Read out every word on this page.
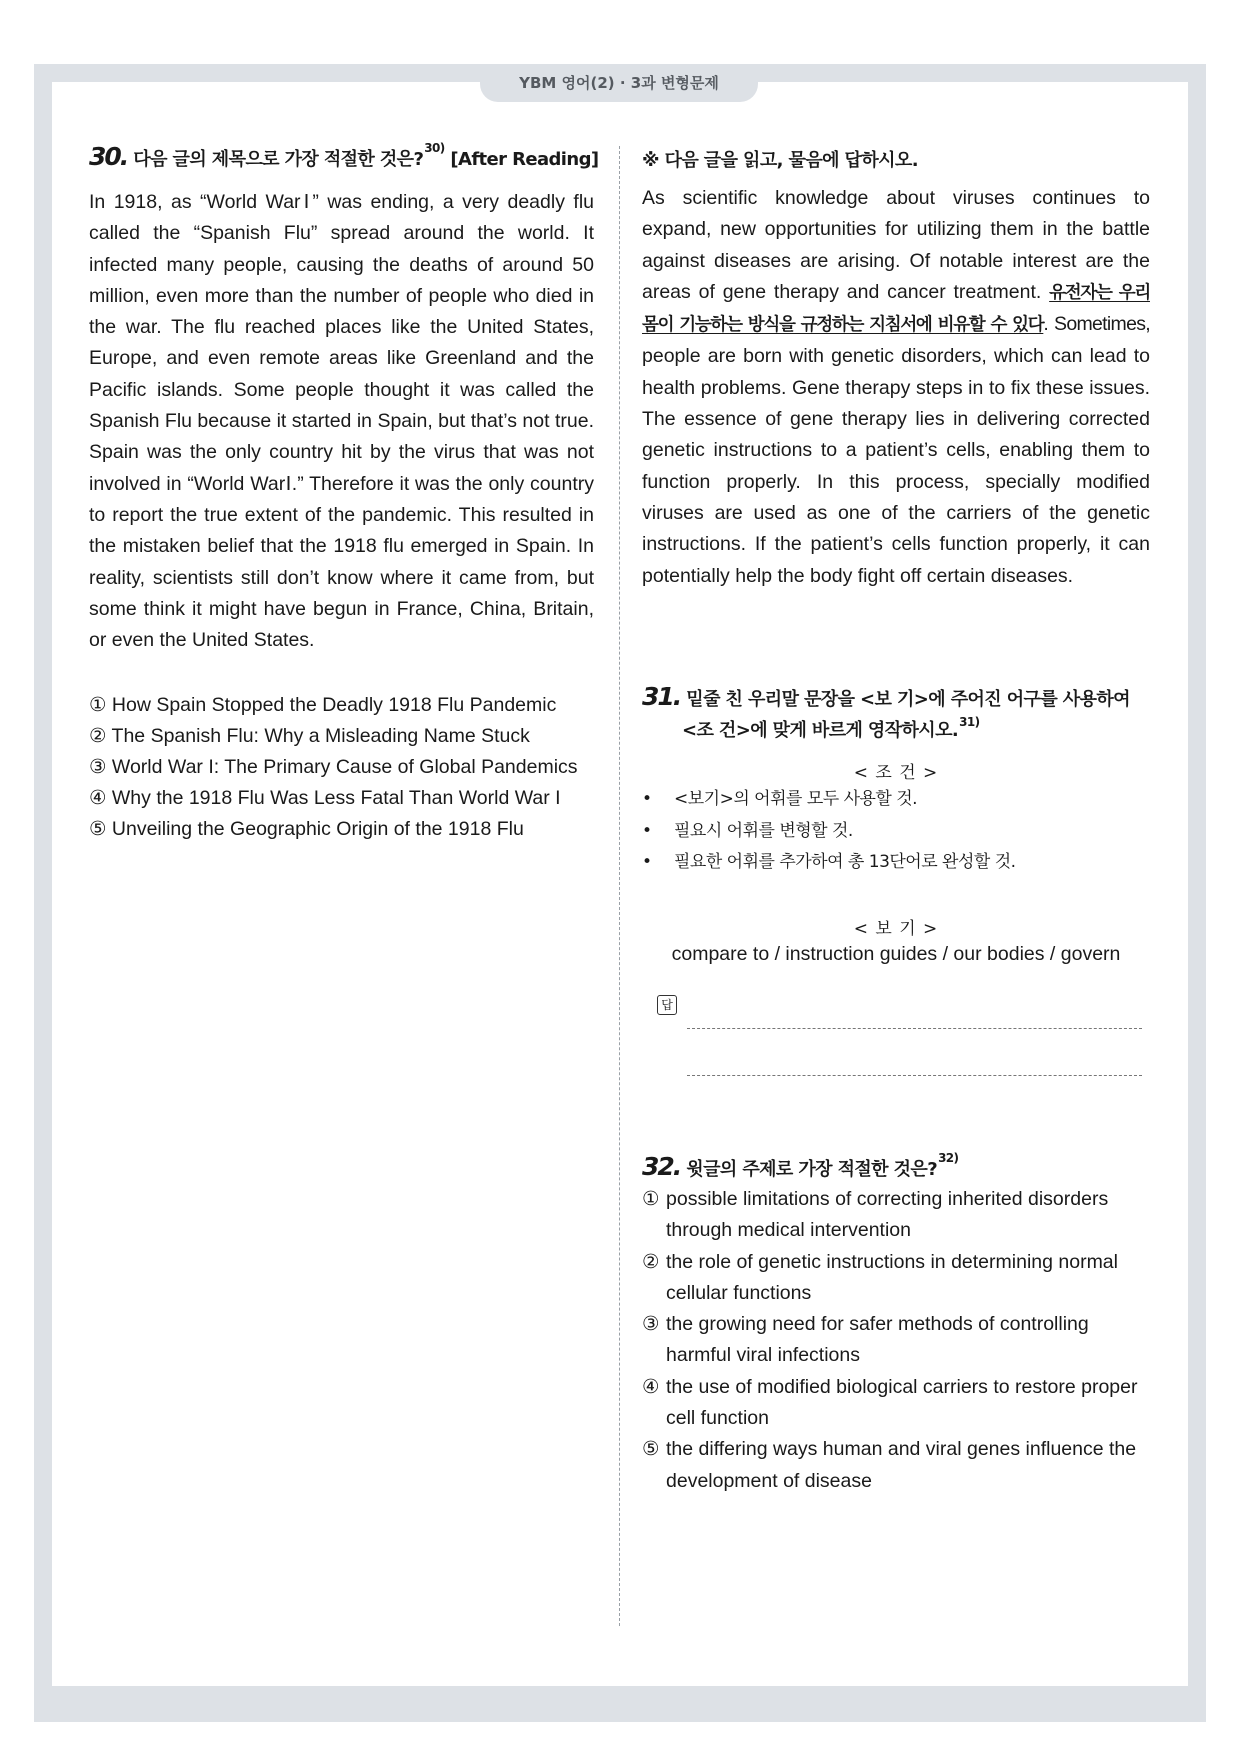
YBM 영어(2) · 3과 변형문제
30. 다음 글의 제목으로 가장 적절한 것은?$^{30)}$ [After Reading]

In 1918, as “World WarⅠ” was ending, a very deadly flu called the “Spanish Flu” spread around the world. It infected many people, causing the deaths of around 50 million, even more than the number of people who died in the war. The flu reached places like the United States, Europe, and even remote areas like Greenland and the Pacific islands. Some people thought it was called the Spanish Flu because it started in Spain, but that’s not true. Spain was the only country hit by the virus that was not involved in “World WarⅠ.” Therefore it was the only country to report the true extent of the pandemic. This resulted in the mistaken belief that the 1918 flu emerged in Spain. In reality, scientists still don’t know where it came from, but some think it might have begun in France, China, Britain, or even the United States.

① How Spain Stopped the Deadly 1918 Flu Pandemic
② The Spanish Flu: Why a Misleading Name Stuck
③ World War I: The Primary Cause of Global Pandemics
④ Why the 1918 Flu Was Less Fatal Than World War I
⑤ Unveiling the Geographic Origin of the 1918 Flu
※ 다음 글을 읽고, 물음에 답하시오.

As scientific knowledge about viruses continues to expand, new opportunities for utilizing them in the battle against diseases are arising. Of notable interest are the areas of gene therapy and cancer treatment. 유전자는 우리 몸이 기능하는 방식을 규정하는 지침서에 비유할 수 있다. Sometimes, people are born with genetic disorders, which can lead to health problems. Gene therapy steps in to fix these issues. The essence of gene therapy lies in delivering corrected genetic instructions to a patient’s cells, enabling them to function properly. In this process, specially modified viruses are used as one of the carriers of the genetic instructions. If the patient’s cells function properly, it can potentially help the body fight off certain diseases.

31. 밑줄 친 우리말 문장을 <보 기>에 주어진 어구를 사용하여
<조 건>에 맞게 바르게 영작하시오.$^{31)}$
< 조 건 >
• <보기>의 어휘를 모두 사용할 것.
• 필요시 어휘를 변형할 것.
• 필요한 어휘를 추가하여 총 13단어로 완성할 것.
< 보 기 >
compare to / instruction guides / our bodies / govern
답
32. 윗글의 주제로 가장 적절한 것은?$^{32)}$
① possible limitations of correcting inherited disorders through medical intervention
② the role of genetic instructions in determining normal cellular functions
③ the growing need for safer methods of controlling harmful viral infections
④ the use of modified biological carriers to restore proper cell function
⑤ the differing ways human and viral genes influence the development of disease
